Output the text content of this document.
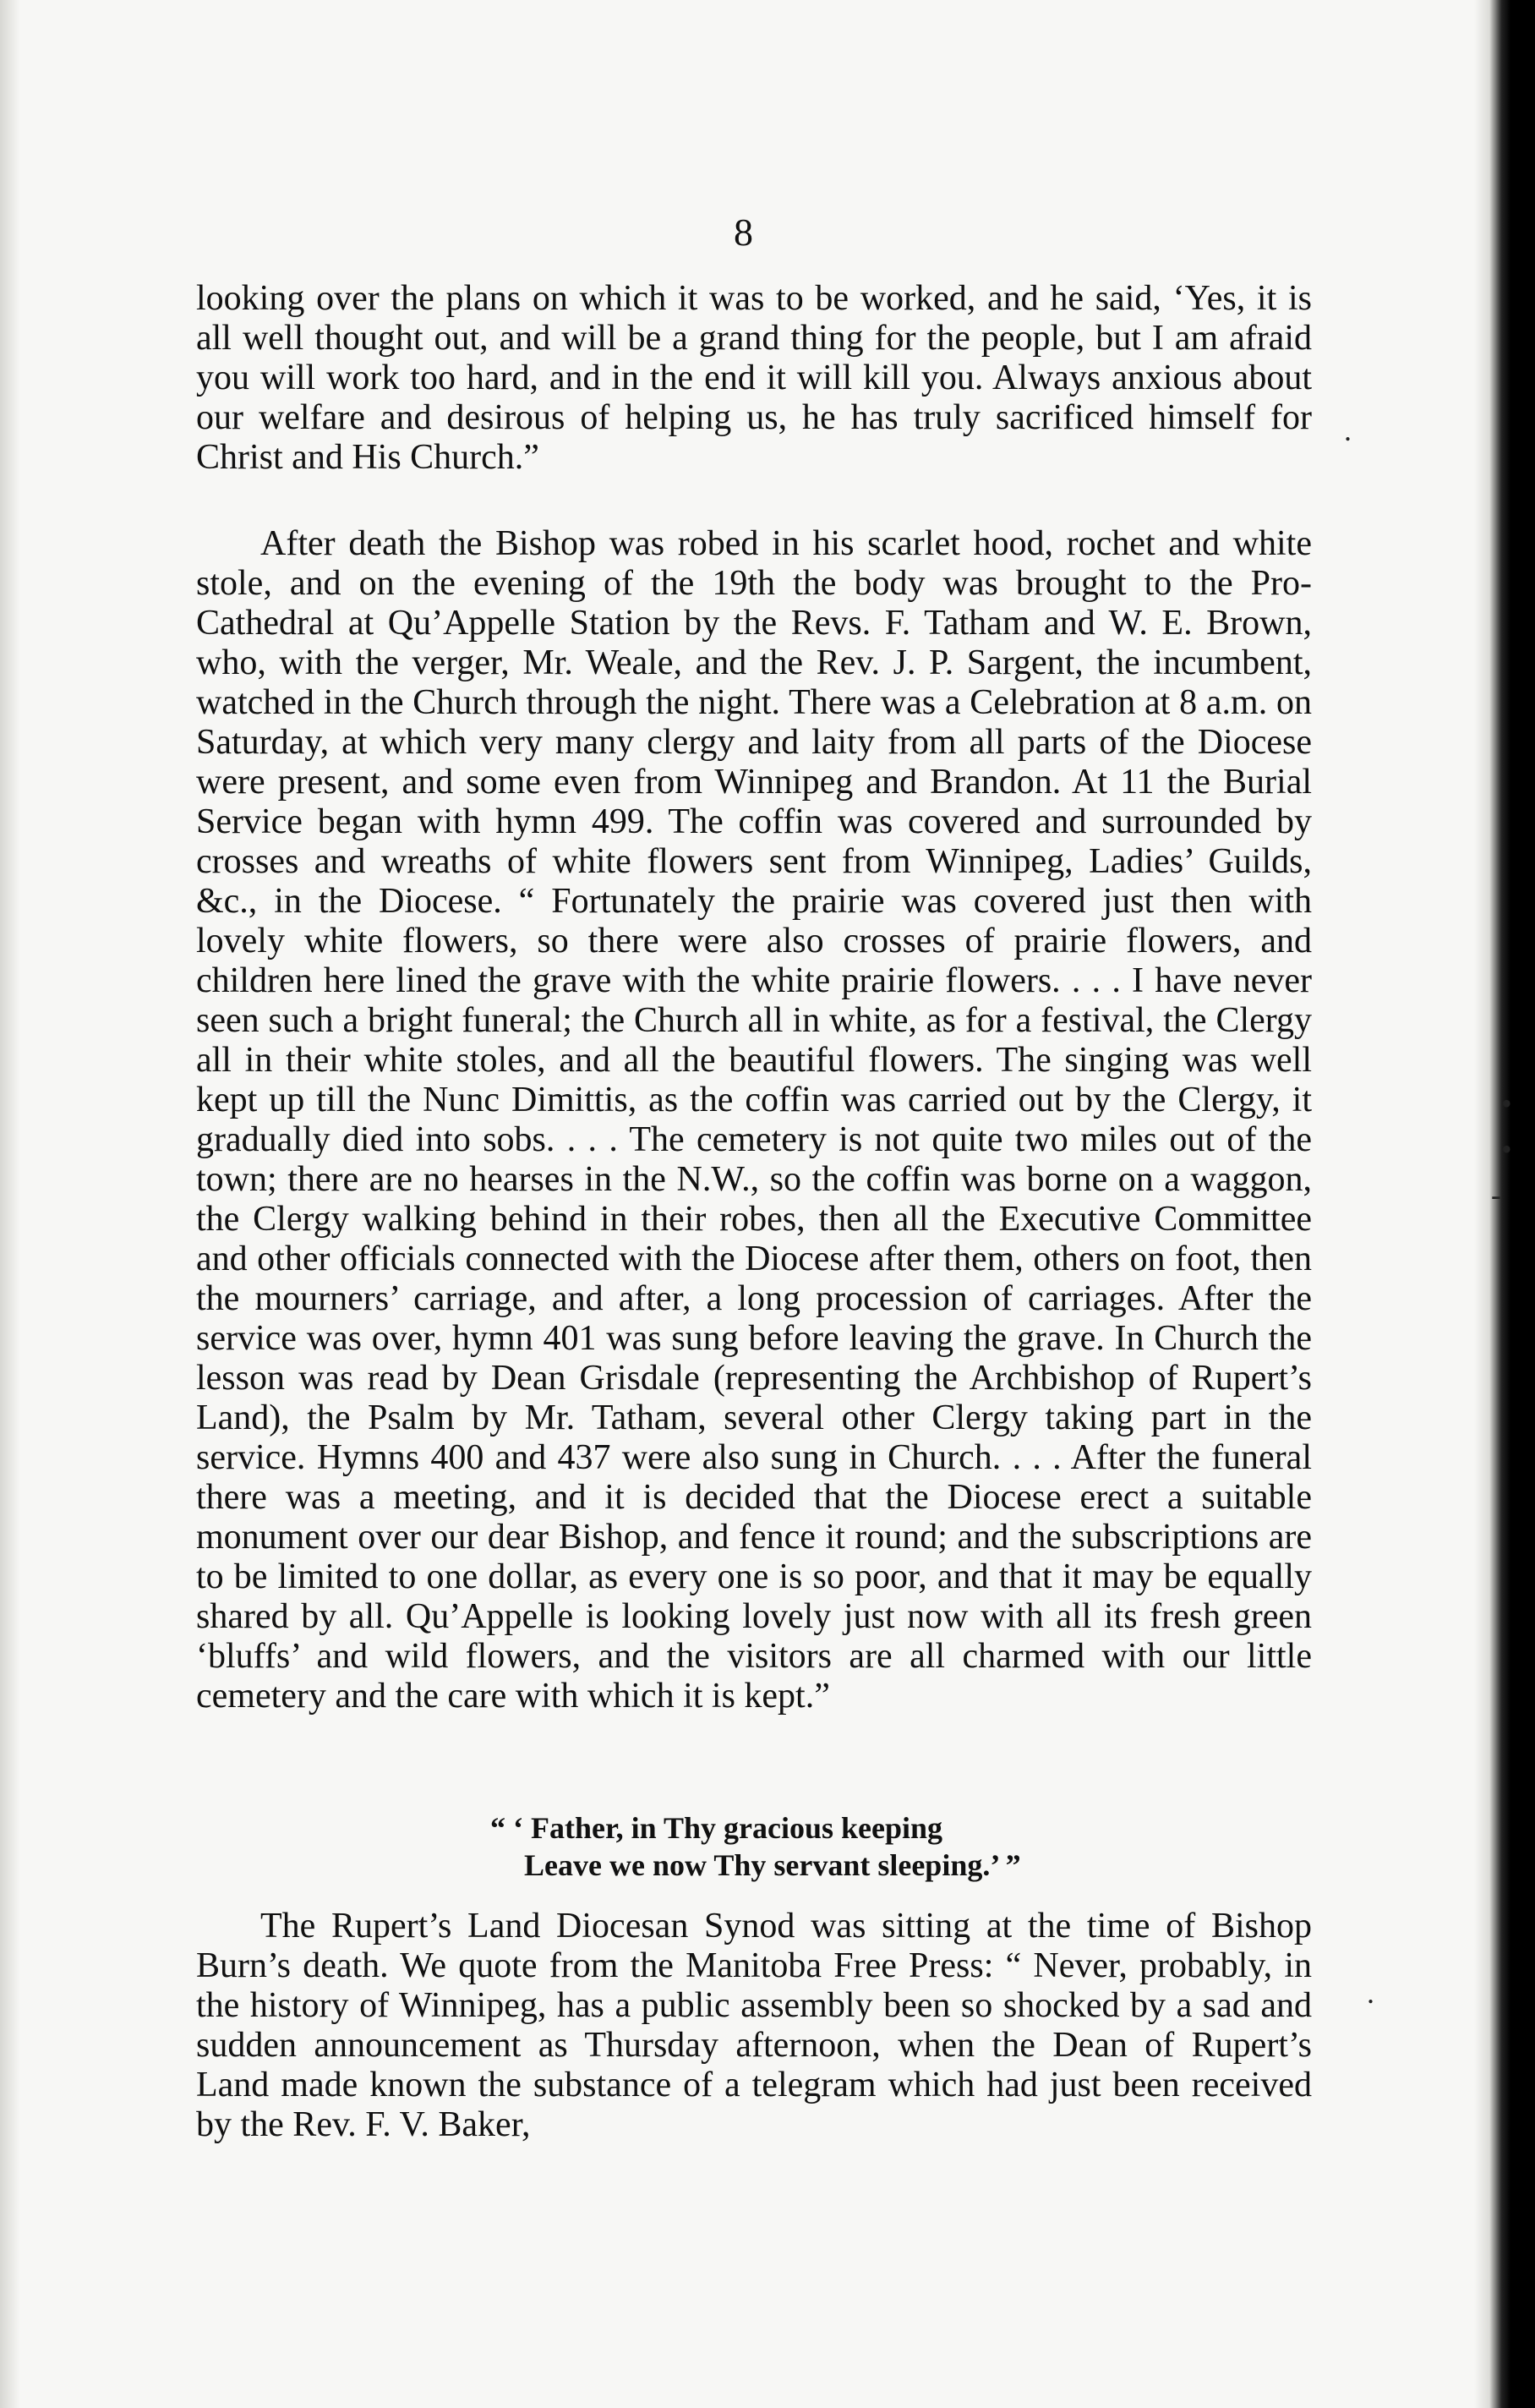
8
looking over the plans on which it was to be worked, and he said, ‘Yes, it is all well thought out, and will be a grand thing for the people, but I am afraid you will work too hard, and in the end it will kill you. Always anxious about our welfare and desirous of helping us, he has truly sacrificed himself for Christ and His Church.”
After death the Bishop was robed in his scarlet hood, rochet and white stole, and on the evening of the 19th the body was brought to the Pro-Cathedral at Qu’Appelle Station by the Revs. F. Tatham and W. E. Brown, who, with the verger, Mr. Weale, and the Rev. J. P. Sargent, the incumbent, watched in the Church through the night. There was a Celebration at 8 a.m. on Saturday, at which very many clergy and laity from all parts of the Diocese were present, and some even from Winnipeg and Brandon. At 11 the Burial Service began with hymn 499. The coffin was covered and surrounded by crosses and wreaths of white flowers sent from Winnipeg, Ladies’ Guilds, &c., in the Diocese. “ Fortunately the prairie was covered just then with lovely white flowers, so there were also crosses of prairie flowers, and children here lined the grave with the white prairie flowers. . . . I have never seen such a bright funeral; the Church all in white, as for a festival, the Clergy all in their white stoles, and all the beautiful flowers. The singing was well kept up till the Nunc Dimittis, as the coffin was carried out by the Clergy, it gradually died into sobs. . . . The cemetery is not quite two miles out of the town; there are no hearses in the N.W., so the coffin was borne on a waggon, the Clergy walking behind in their robes, then all the Executive Committee and other officials connected with the Diocese after them, others on foot, then the mourners’ carriage, and after, a long procession of carriages. After the service was over, hymn 401 was sung before leaving the grave. In Church the lesson was read by Dean Grisdale (representing the Archbishop of Rupert’s Land), the Psalm by Mr. Tatham, several other Clergy taking part in the service. Hymns 400 and 437 were also sung in Church. . . . After the funeral there was a meeting, and it is decided that the Diocese erect a suitable monument over our dear Bishop, and fence it round; and the subscriptions are to be limited to one dollar, as every one is so poor, and that it may be equally shared by all. Qu’Appelle is looking lovely just now with all its fresh green ‘bluffs’ and wild flowers, and the visitors are all charmed with our little cemetery and the care with which it is kept.”
“ ‘ Father, in Thy gracious keeping
Leave we now Thy servant sleeping.’ ”
The Rupert’s Land Diocesan Synod was sitting at the time of Bishop Burn’s death. We quote from the Manitoba Free Press: “ Never, probably, in the history of Winnipeg, has a public assembly been so shocked by a sad and sudden announcement as Thursday afternoon, when the Dean of Rupert’s Land made known the substance of a telegram which had just been received by the Rev. F. V. Baker,
.
.
•
•
-
